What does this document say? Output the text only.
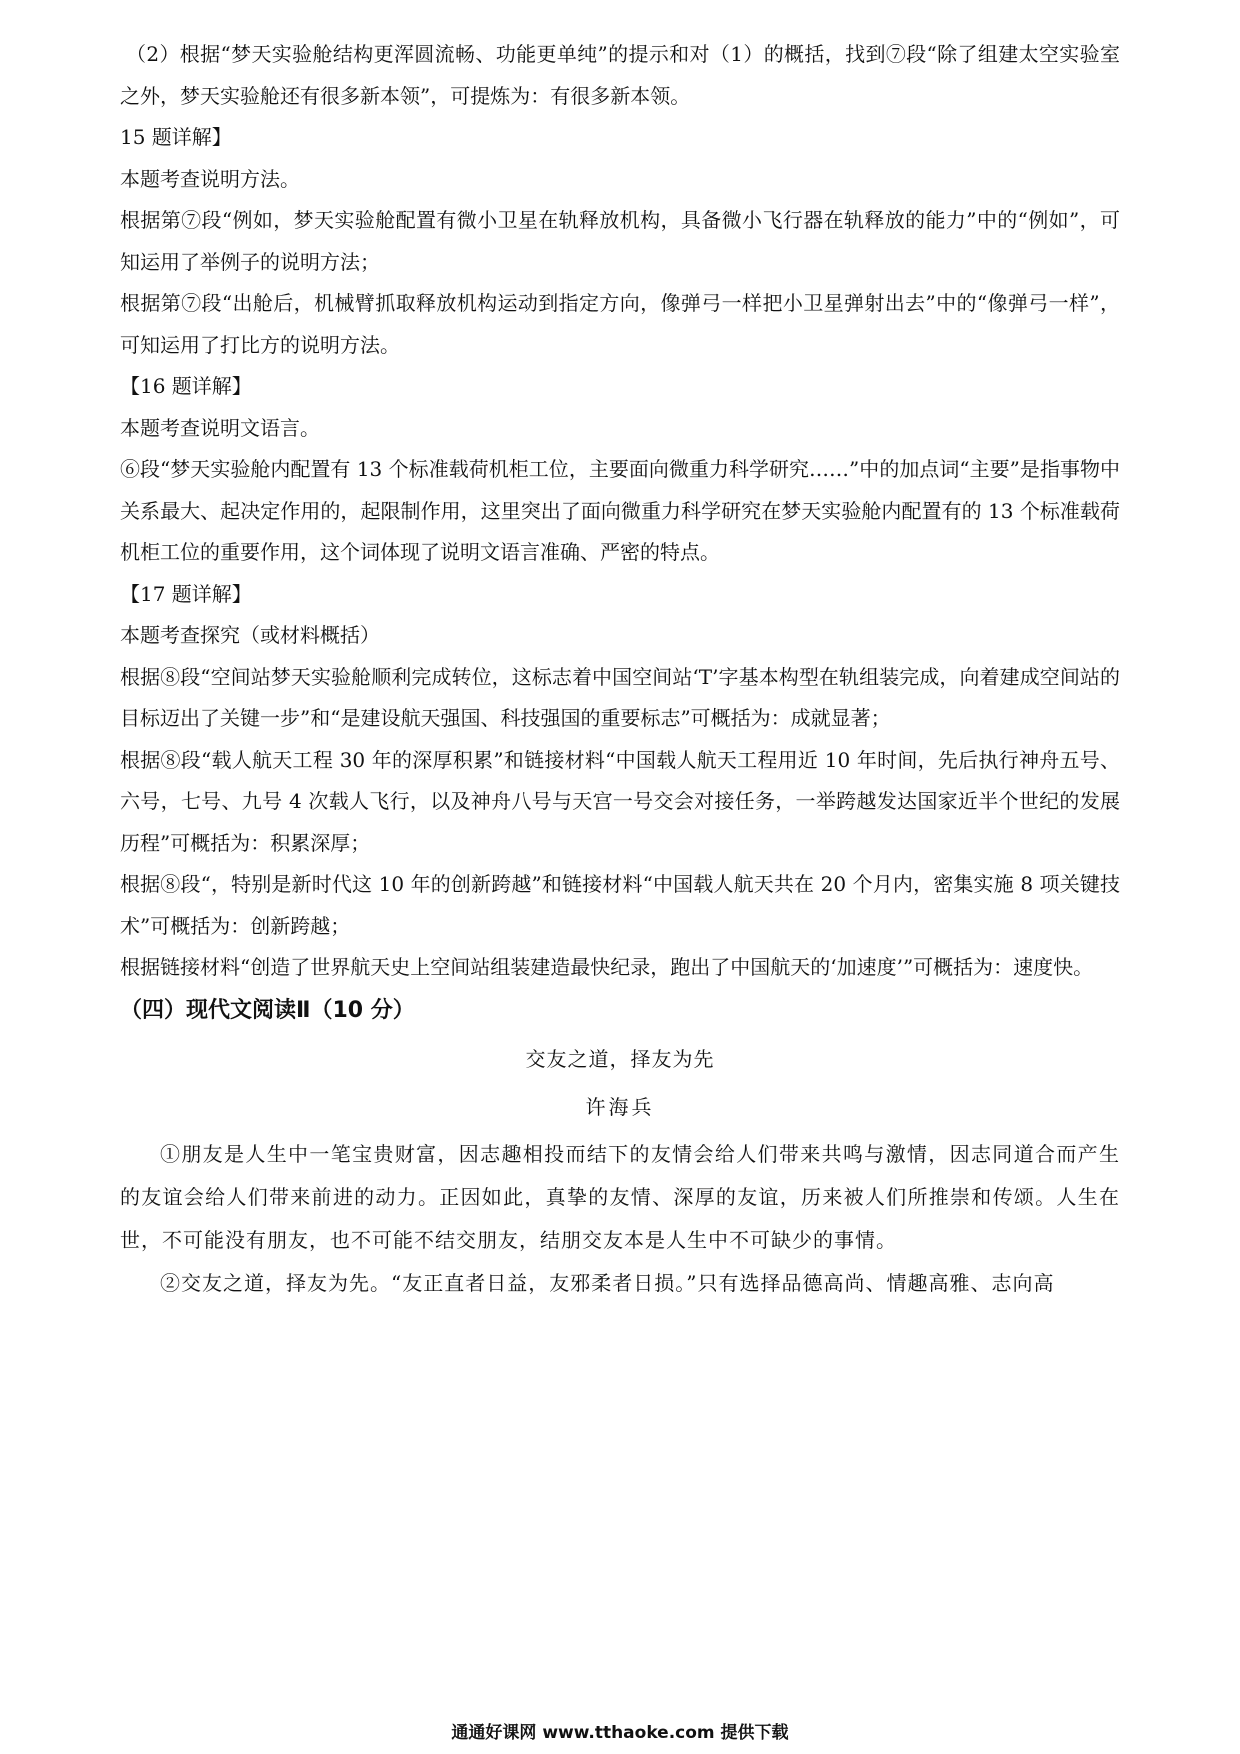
（2）根据“梦天实验舱结构更浑圆流畅、功能更单纯”的提示和对（1）的概括，找到⑦段“除了组建太空实验室之外，梦天实验舱还有很多新本领”，可提炼为：有很多新本领。

15 题详解】

本题考查说明方法。

根据第⑦段“例如，梦天实验舱配置有微小卫星在轨释放机构，具备微小飞行器在轨释放的能力”中的“例如”，可知运用了举例子的说明方法；

根据第⑦段“出舱后，机械臂抓取释放机构运动到指定方向，像弹弓一样把小卫星弹射出去”中的“像弹弓一样”，可知运用了打比方的说明方法。

【16 题详解】

本题考查说明文语言。

⑥段“梦天实验舱内配置有 13 个标准载荷机柜工位，主要面向微重力科学研究……”中的加点词“主要”是指事物中关系最大、起决定作用的，起限制作用，这里突出了面向微重力科学研究在梦天实验舱内配置有的 13 个标准载荷机柜工位的重要作用，这个词体现了说明文语言准确、严密的特点。

【17 题详解】

本题考查探究（或材料概括）

根据⑧段“空间站梦天实验舱顺利完成转位，这标志着中国空间站‘T’字基本构型在轨组装完成，向着建成空间站的目标迈出了关键一步”和“是建设航天强国、科技强国的重要标志”可概括为：成就显著；

根据⑧段“载人航天工程 30 年的深厚积累”和链接材料“中国载人航天工程用近 10 年时间，先后执行神舟五号、六号，七号、九号 4 次载人飞行，以及神舟八号与天宫一号交会对接任务，一举跨越发达国家近半个世纪的发展历程”可概括为：积累深厚；

根据⑧段“，特别是新时代这 10 年的创新跨越”和链接材料“中国载人航天共在 20 个月内，密集实施 8 项关键技术”可概括为：创新跨越；

根据链接材料“创造了世界航天史上空间站组装建造最快纪录，跑出了中国航天的‘加速度’”可概括为：速度快。

（四）现代文阅读Ⅱ（10 分）

交友之道，择友为先

许海兵

①朋友是人生中一笔宝贵财富，因志趣相投而结下的友情会给人们带来共鸣与激情，因志同道合而产生的友谊会给人们带来前进的动力。正因如此，真挚的友情、深厚的友谊，历来被人们所推崇和传颂。人生在世，不可能没有朋友，也不可能不结交朋友，结朋交友本是人生中不可缺少的事情。

②交友之道，择友为先。“友正直者日益，友邪柔者日损。”只有选择品德高尚、情趣高雅、志向高

通通好课网 www.tthaoke.com 提供下载
